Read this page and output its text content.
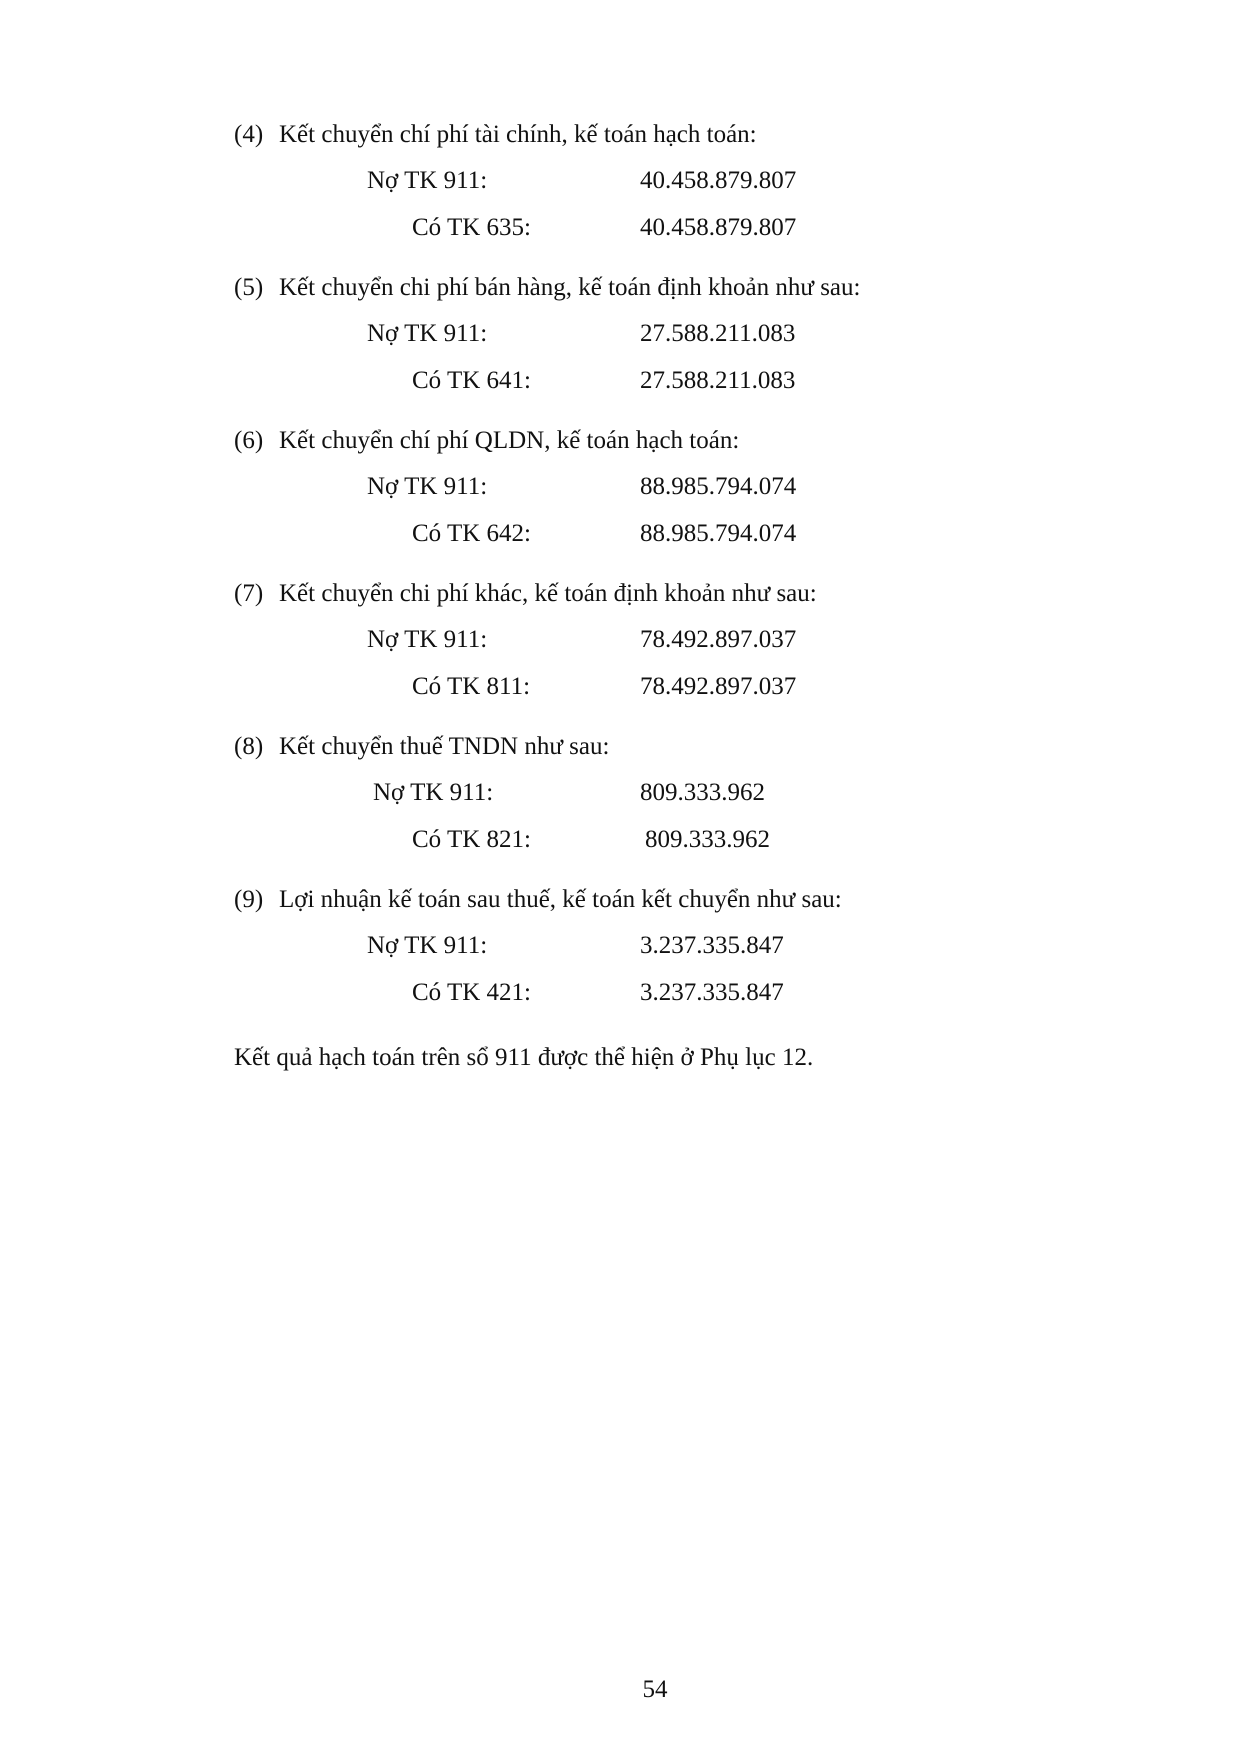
(4) Kết chuyển chí phí tài chính, kế toán hạch toán:
Nợ TK 911:	40.458.879.807
Có TK 635:	40.458.879.807
(5) Kết chuyển chi phí bán hàng, kế toán định khoản như sau:
Nợ TK 911:	27.588.211.083
Có TK 641:	27.588.211.083
(6) Kết chuyển chí phí QLDN, kế toán hạch toán:
Nợ TK 911:	88.985.794.074
Có TK 642:	88.985.794.074
(7) Kết chuyển chi phí khác, kế toán định khoản như sau:
Nợ TK 911:	78.492.897.037
Có TK 811:	78.492.897.037
(8) Kết chuyển thuế TNDN như sau:
Nợ TK 911:	809.333.962
Có TK 821:	809.333.962
(9) Lợi nhuận kế toán sau thuế, kế toán kết chuyển như sau:
Nợ TK 911:	3.237.335.847
Có TK 421:	3.237.335.847
Kết quả hạch toán trên sổ 911 được thể hiện ở Phụ lục 12.
54
